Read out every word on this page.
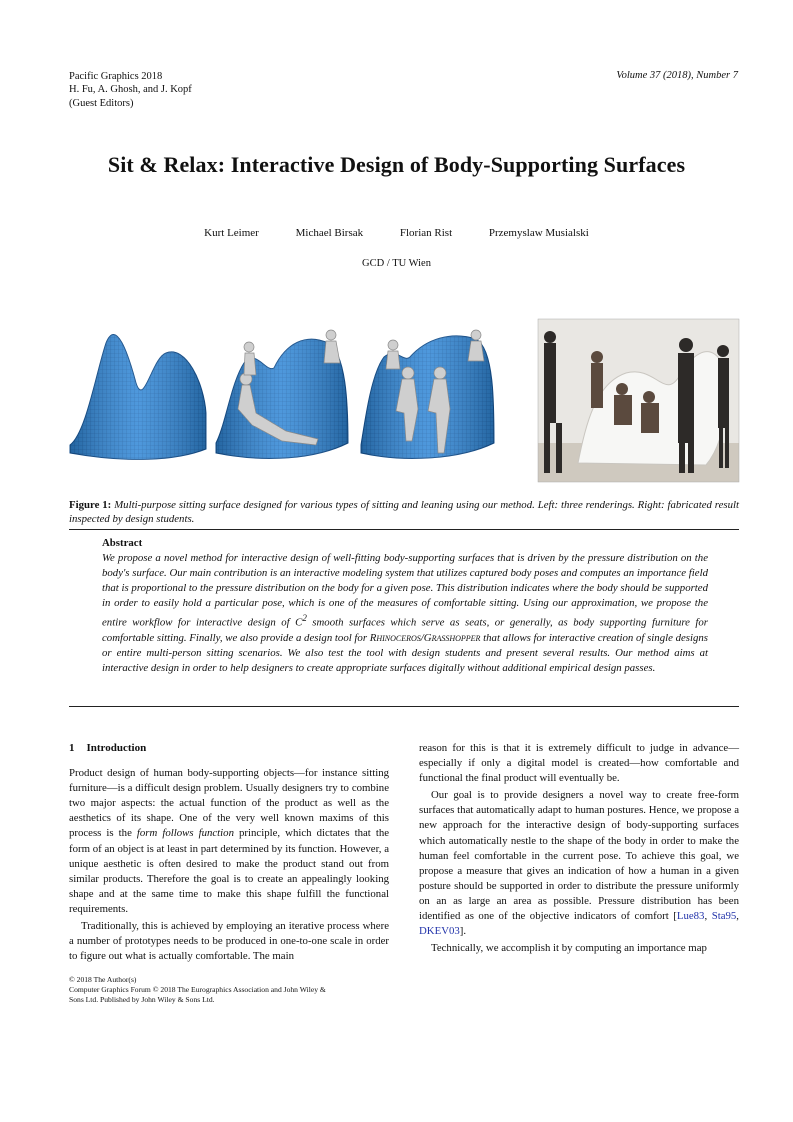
Pacific Graphics 2018
H. Fu, A. Ghosh, and J. Kopf
(Guest Editors)
Volume 37 (2018), Number 7
Sit & Relax: Interactive Design of Body-Supporting Surfaces
Kurt Leimer	Michael Birsak	Florian Rist	Przemyslaw Musialski
GCD / TU Wien
Figure 1: Multi-purpose sitting surface designed for various types of sitting and leaning using our method. Left: three renderings. Right: fabricated result inspected by design students.
Abstract

We propose a novel method for interactive design of well-fitting body-supporting surfaces that is driven by the pressure distribution on the body's surface. Our main contribution is an interactive modeling system that utilizes captured body poses and computes an importance field that is proportional to the pressure distribution on the body for a given pose. This distribution indicates where the body should be supported in order to easily hold a particular pose, which is one of the measures of comfortable sitting. Using our approximation, we propose the entire workflow for interactive design of $C^2$ smooth surfaces which serve as seats, or generally, as body supporting furniture for comfortable sitting. Finally, we also provide a design tool for Rhinoceros/Grasshopper that allows for interactive creation of single designs or entire multi-person sitting scenarios. We also test the tool with design students and present several results. Our method aims at interactive design in order to help designers to create appropriate surfaces digitally without additional empirical design passes.

1 Introduction

Product design of human body-supporting objects—for instance sitting furniture—is a difficult design problem. Usually designers try to combine two major aspects: the actual function of the product as well as the aesthetics of its shape. One of the very well known maxims of this process is the form follows function principle, which dictates that the form of an object is at least in part determined by its function. However, a unique aesthetic is often desired to make the product stand out from similar products. Therefore the goal is to create an appealingly looking shape and at the same time to make this shape fulfill the functional requirements.

Traditionally, this is achieved by employing an iterative process where a number of prototypes needs to be produced in one-to-one scale in order to figure out what is actually comfortable. The main

reason for this is that it is extremely difficult to judge in advance—especially if only a digital model is created—how comfortable and functional the final product will eventually be.

Our goal is to provide designers a novel way to create free-form surfaces that automatically adapt to human postures. Hence, we propose a new approach for the interactive design of body-supporting surfaces which automatically nestle to the shape of the body in order to make the human feel comfortable in the current pose. To achieve this goal, we propose a measure that gives an indication of how a human in a given posture should be supported in order to distribute the pressure uniformly on an as large an area as possible. Pressure distribution has been identified as one of the objective indicators of comfort [Lue83, Sta95, DKEV03].

Technically, we accomplish it by computing an importance map

© 2018 The Author(s)
Computer Graphics Forum © 2018 The Eurographics Association and John Wiley & Sons Ltd. Published by John Wiley & Sons Ltd.
